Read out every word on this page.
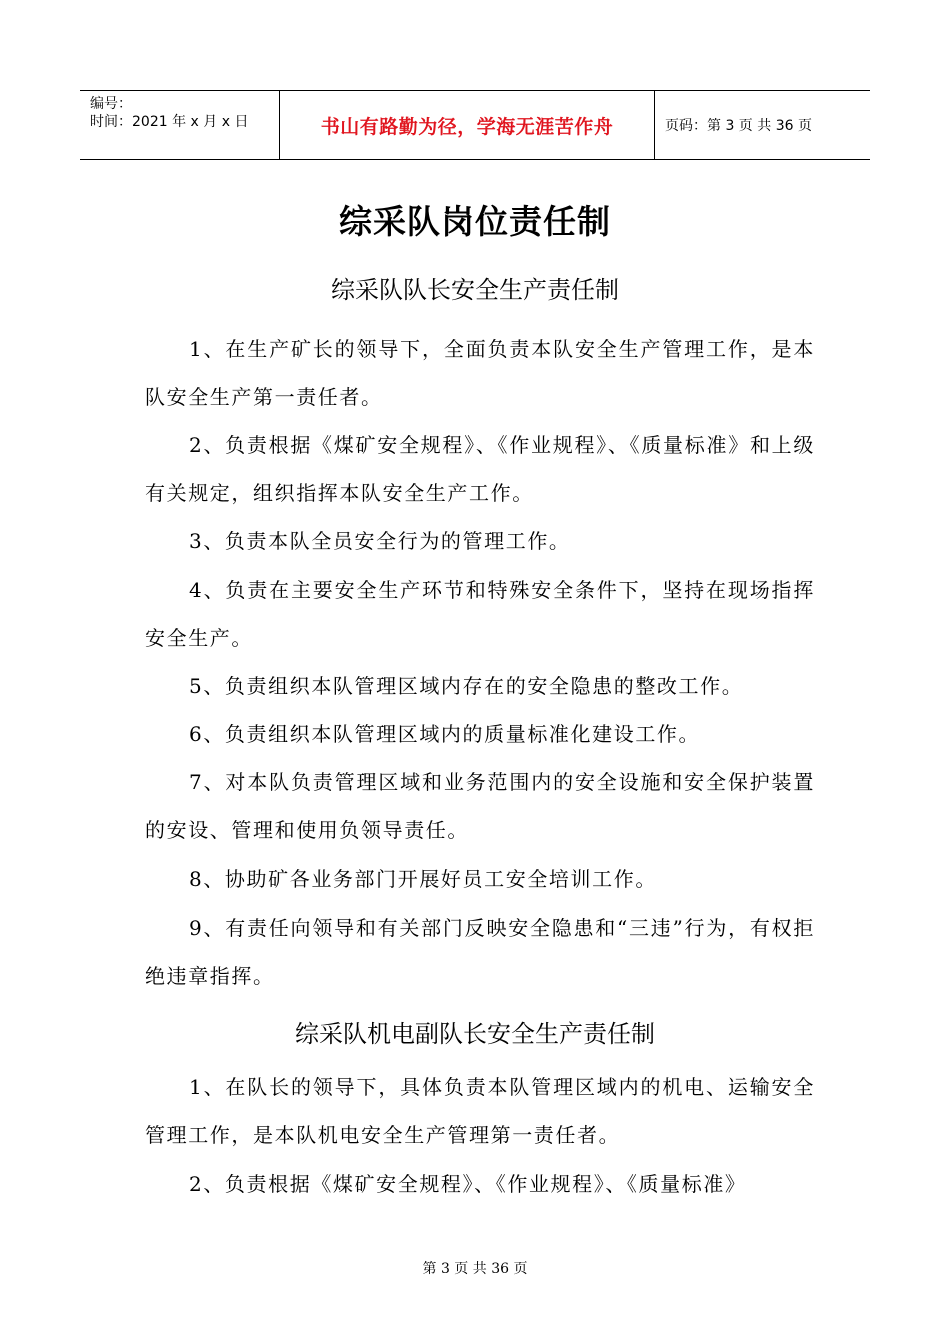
编号：
时间：2021 年 x 月 x 日	书山有路勤为径，学海无涯苦作舟	页码：第 3 页 共 36 页
综采队岗位责任制
综采队队长安全生产责任制
1、在生产矿长的领导下，全面负责本队安全生产管理工作，是本队安全生产第一责任者。
2、负责根据《煤矿安全规程》、《作业规程》、《质量标准》和上级有关规定，组织指挥本队安全生产工作。
3、负责本队全员安全行为的管理工作。
4、负责在主要安全生产环节和特殊安全条件下，坚持在现场指挥安全生产。
5、负责组织本队管理区域内存在的安全隐患的整改工作。
6、负责组织本队管理区域内的质量标准化建设工作。
7、对本队负责管理区域和业务范围内的安全设施和安全保护装置的安设、管理和使用负领导责任。
8、协助矿各业务部门开展好员工安全培训工作。
9、有责任向领导和有关部门反映安全隐患和“三违”行为，有权拒绝违章指挥。
综采队机电副队长安全生产责任制
1、在队长的领导下，具体负责本队管理区域内的机电、运输安全管理工作，是本队机电安全生产管理第一责任者。
2、负责根据《煤矿安全规程》、《作业规程》、《质量标准》
第 3 页 共 36 页
